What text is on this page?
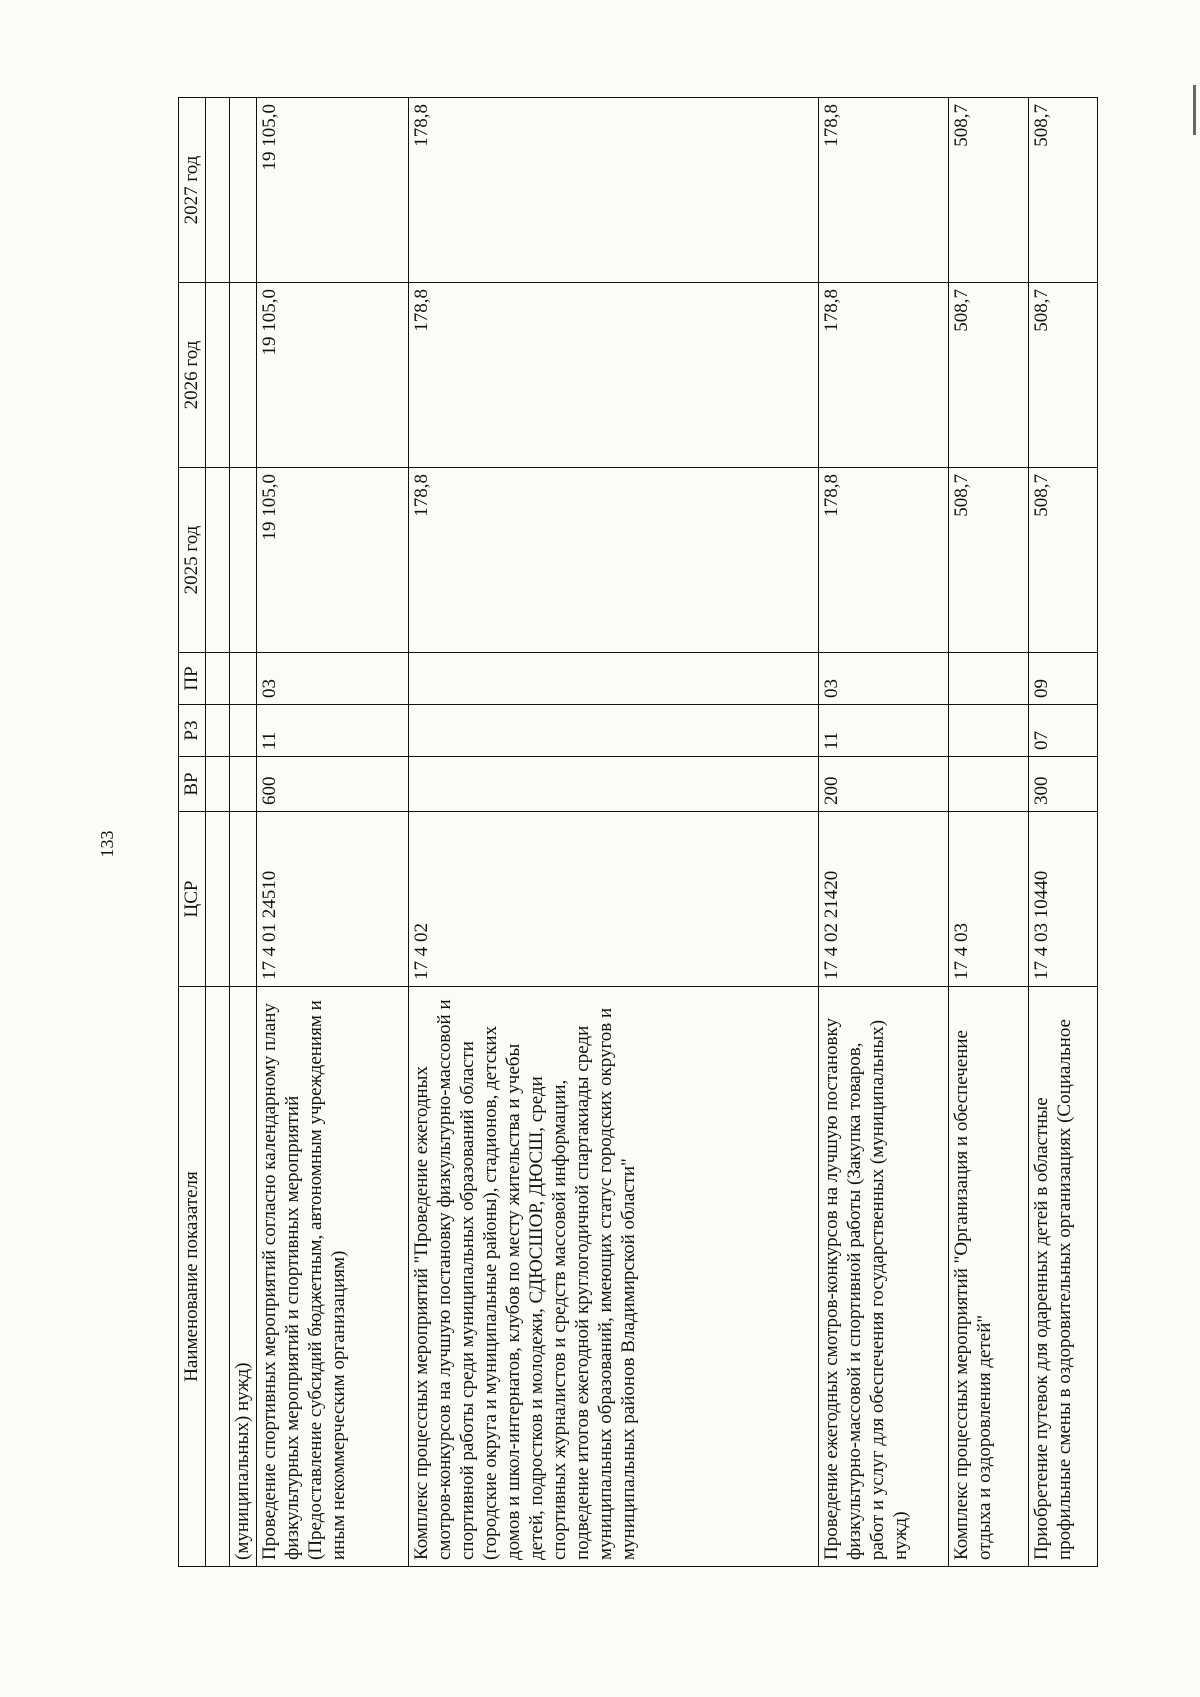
133
Наименование показателя	ЦСР	ВР	РЗ	ПР	2025 год	2026 год	2027 год

(муниципальных) нужд)							
Проведение спортивных мероприятий согласно календарному плану физкультурных мероприятий и спортивных мероприятий (Предоставление субсидий бюджетным, автономным учреждениям и иным некоммерческим организациям)	17 4 01 24510	600	11	03	19 105,0	19 105,0	19 105,0
Комплекс процессных мероприятий "Проведение ежегодных смотров-конкурсов на лучшую постановку физкультурно-массовой и спортивной работы среди муниципальных образований области (городские округа и муниципальные районы), стадионов, детских домов и школ-интернатов, клубов по месту жительства и учебы детей, подростков и молодежи, СДЮСШОР, ДЮСШ, среди спортивных журналистов и средств массовой информации, подведение итогов ежегодной круглогодичной спартакиады среди муниципальных образований, имеющих статус городских округов и муниципальных районов Владимирской области"	17 4 02				178,8	178,8	178,8
Проведение ежегодных смотров-конкурсов на лучшую постановку физкультурно-массовой и спортивной работы (Закупка товаров, работ и услуг для обеспечения государственных (муниципальных) нужд)	17 4 02 21420	200	11	03	178,8	178,8	178,8
Комплекс процессных мероприятий "Организация и обеспечение отдыха и оздоровления детей"	17 4 03				508,7	508,7	508,7
Приобретение путевок для одаренных детей в областные профильные смены в оздоровительных организациях (Социальное	17 4 03 10440	300	07	09	508,7	508,7	508,7
